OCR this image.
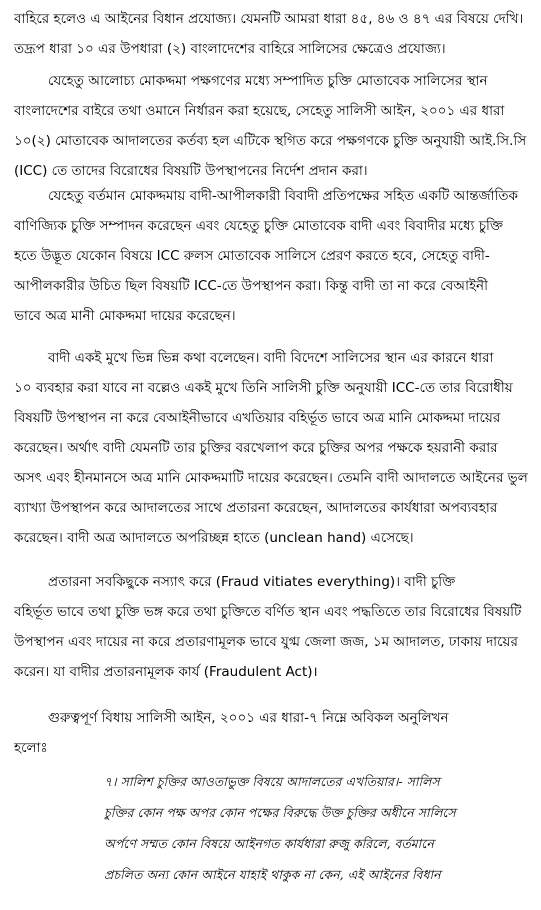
বাহিরে হলেও এ আইনের বিধান প্রযোজ্য। যেমনটি আমরা ধারা ৪৫, ৪৬ ও ৪৭ এর বিষয়ে দেখি।
তদ্রূপ ধারা ১০ এর উপধারা (২) বাংলাদেশের বাহিরে সালিসের ক্ষেত্রেও প্রযোজ্য।
যেহেতু আলোচ্য মোকদ্দমা পক্ষগণের মধ্যে সম্পাদিত চুক্তি মোতাবেক সালিসের স্থান
বাংলাদেশের বাইরে তথা ওমানে নির্ধারন করা হয়েছে, সেহেতু সালিসী আইন, ২০০১ এর ধারা
১০(২) মোতাবেক আদালতের কর্তব্য হল এটিকে স্থগিত করে পক্ষগণকে চুক্তি অনুযায়ী আই.সি.সি
(ICC) তে তাদের বিরোধের বিষয়টি উপস্থাপনের নির্দেশ প্রদান করা।
যেহেতু বর্তমান মোকদ্দমায় বাদী-আপীলকারী বিবাদী প্রতিপক্ষের সহিত একটি আন্তর্জাতিক
বাণিজ্যিক চুক্তি সম্পাদন করেছেন এবং যেহেতু চুক্তি মোতাবেক বাদী এবং বিবাদীর মধ্যে চুক্তি
হতে উদ্ভূত যেকোন বিষয়ে ICC রুলস মোতাবেক সালিসে প্রেরণ করতে হবে, সেহেতু বাদী-
আপীলকারীর উচিত ছিল বিষয়টি ICC-তে উপস্থাপন করা। কিন্তু বাদী তা না করে বেআইনী
ভাবে অত্র মানী মোকদ্দমা দায়ের করেছেন।
বাদী একই মুখে ভিন্ন ভিন্ন কথা বলেছেন। বাদী বিদেশে সালিসের স্থান এর কারনে ধারা
১০ ব্যবহার করা যাবে না বল্লেও একই মুখে তিনি সালিসী চুক্তি অনুযায়ী ICC-তে তার বিরোধীয়
বিষয়টি উপস্থাপন না করে বেআইনীভাবে এখতিয়ার বহির্ভূত ভাবে অত্র মানি মোকদ্দমা দায়ের
করেছেন। অর্থাৎ বাদী যেমনটি তার চুক্তির বরখেলাপ করে চুক্তির অপর পক্ষকে হয়রানী করার
অসৎ এবং হীনমানসে অত্র মানি মোকদ্দমাটি দায়ের করেছেন। তেমনি বাদী আদালতে আইনের ভুল
ব্যাখ্যা উপস্থাপন করে আদালতের সাথে প্রতারনা করেছেন, আদালতের কার্যধারা অপব্যবহার
করেছেন। বাদী অত্র আদালতে অপরিচ্ছন্ন হাতে (unclean hand) এসেছে।
প্রতারনা সবকিছুকে নস্যাৎ করে (Fraud vitiates everything)। বাদী চুক্তি
বহির্ভূত ভাবে তথা চুক্তি ভঙ্গ করে তথা চুক্তিতে বর্ণিত স্থান এবং পদ্ধতিতে তার বিরোধের বিষয়টি
উপস্থাপন এবং দায়ের না করে প্রতারণামূলক ভাবে যুগ্ম জেলা জজ, ১ম আদালত, ঢাকায় দায়ের
করেন। যা বাদীর প্রতারনামূলক কার্য (Fraudulent Act)।
গুরুত্বপূর্ণ বিধায় সালিসী আইন, ২০০১ এর ধারা-৭ নিম্নে অবিকল অনুলিখন
হলোঃ
৭। সালিশ চুক্তির আওতাভুক্ত বিষয়ে আদালতের এখতিয়ার।- সালিস
চুক্তির কোন পক্ষ অপর কোন পক্ষের বিরুদ্ধে উক্ত চুক্তির অধীনে সালিসে
অর্পণে সম্মত কোন বিষয়ে আইনগত কার্যধারা রুজু করিলে, বর্তমানে
প্রচলিত অন্য কোন আইনে যাহাই থাকুক না কেন, এই আইনের বিধান
